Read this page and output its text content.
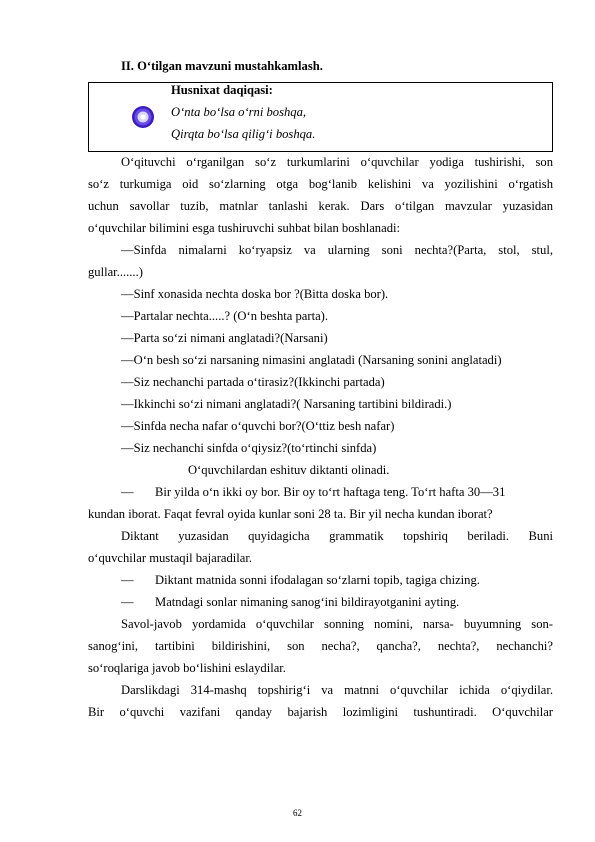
II. O‘tilgan mavzuni mustahkamlash.
Husnixat daqiqasi:
O‘nta bo‘lsa o‘rni boshqa,
Qirqta bo‘lsa qilig‘i boshqa.
O‘qituvchi o‘rganilgan so‘z turkumlarini o‘quvchilar yodiga tushirishi, son
so‘z turkumiga oid so‘zlarning otga bog‘lanib kelishini va yozilishini o‘rgatish
uchun savollar tuzib, matnlar tanlashi kerak. Dars o‘tilgan mavzular yuzasidan
o‘quvchilar bilimini esga tushiruvchi suhbat bilan boshlanadi:
—Sinfda nimalarni ko‘ryapsiz va ularning soni nechta?(Parta, stol, stul,
gullar.......)
—Sinf xonasida nechta doska bor ?(Bitta doska bor).
—Partalar nechta.....? (O‘n beshta parta).
—Parta so‘zi nimani anglatadi?(Narsani)
—O‘n besh so‘zi narsaning nimasini anglatadi (Narsaning sonini anglatadi)
—Siz nechanchi partada o‘tirasiz?(Ikkinchi partada)
—Ikkinchi so‘zi nimani anglatadi?( Narsaning tartibini bildiradi.)
—Sinfda necha nafar o‘quvchi bor?(O‘ttiz besh nafar)
—Siz nechanchi sinfda o‘qiysiz?(to‘rtinchi sinfda)
O‘quvchilardan eshituv diktanti olinadi.
— Bir yilda o‘n ikki oy bor. Bir oy to‘rt haftaga teng. To‘rt hafta 30—31
kundan iborat. Faqat fevral oyida kunlar soni 28 ta. Bir yil necha kundan iborat?
Diktant yuzasidan quyidagicha grammatik topshiriq beriladi. Buni
o‘quvchilar mustaqil bajaradilar.
— Diktant matnida sonni ifodalagan so‘zlarni topib, tagiga chizing.
— Matndagi sonlar nimaning sanog‘ini bildirayotganini ayting.
Savol-javob yordamida o‘quvchilar sonning nomini, narsa- buyumning son-
sanog‘ini, tartibini bildirishini, son necha?, qancha?, nechta?, nechanchi?
so‘roqlariga javob bo‘lishini eslaydilar.
Darslikdagi 314-mashq topshirig‘i va matnni o‘quvchilar ichida o‘qiydilar.
Bir o‘quvchi vazifani qanday bajarish lozimligini tushuntiradi. O‘quvchilar
62
